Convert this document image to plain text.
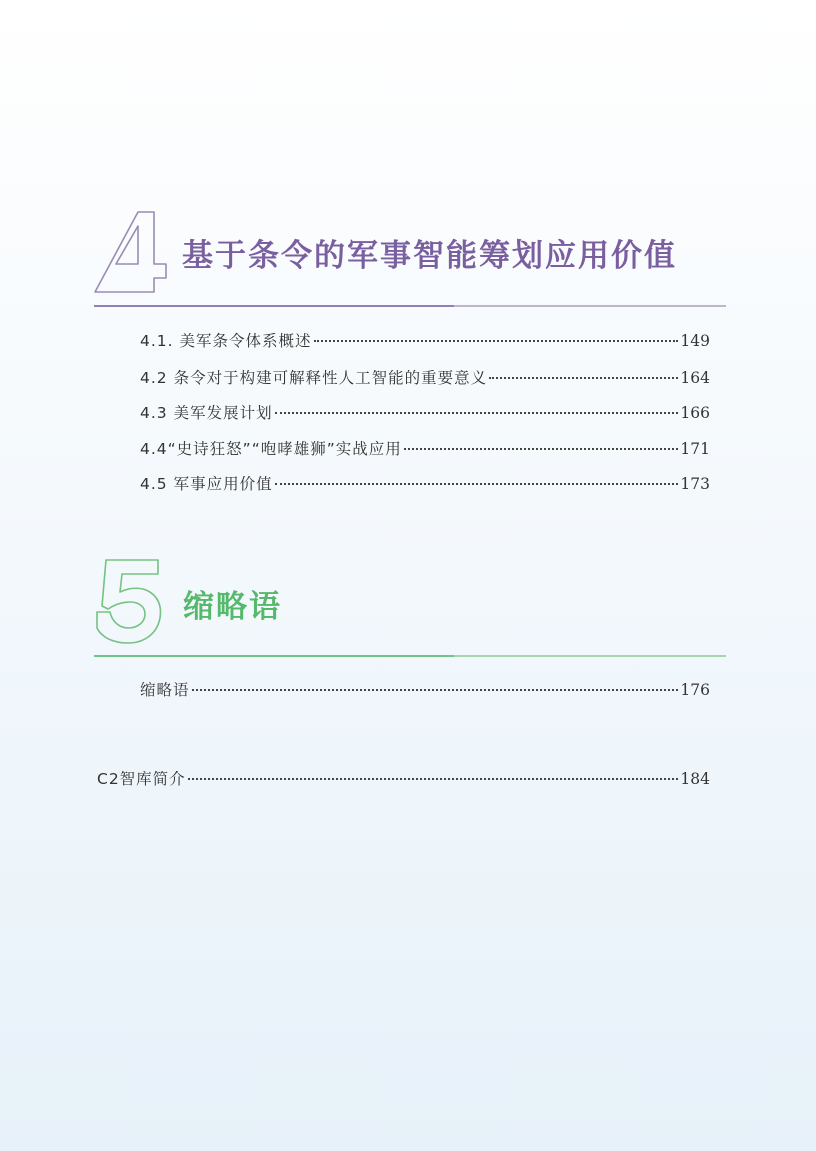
基于条令的军事智能筹划应用价值
4.1. 美军条令体系概述	149
4.2 条令对于构建可解释性人工智能的重要意义	164
4.3 美军发展计划	166
4.4“史诗狂怒”“咆哮雄狮”实战应用	171
4.5 军事应用价值	173
缩略语
缩略语	176
C2智库简介	184
